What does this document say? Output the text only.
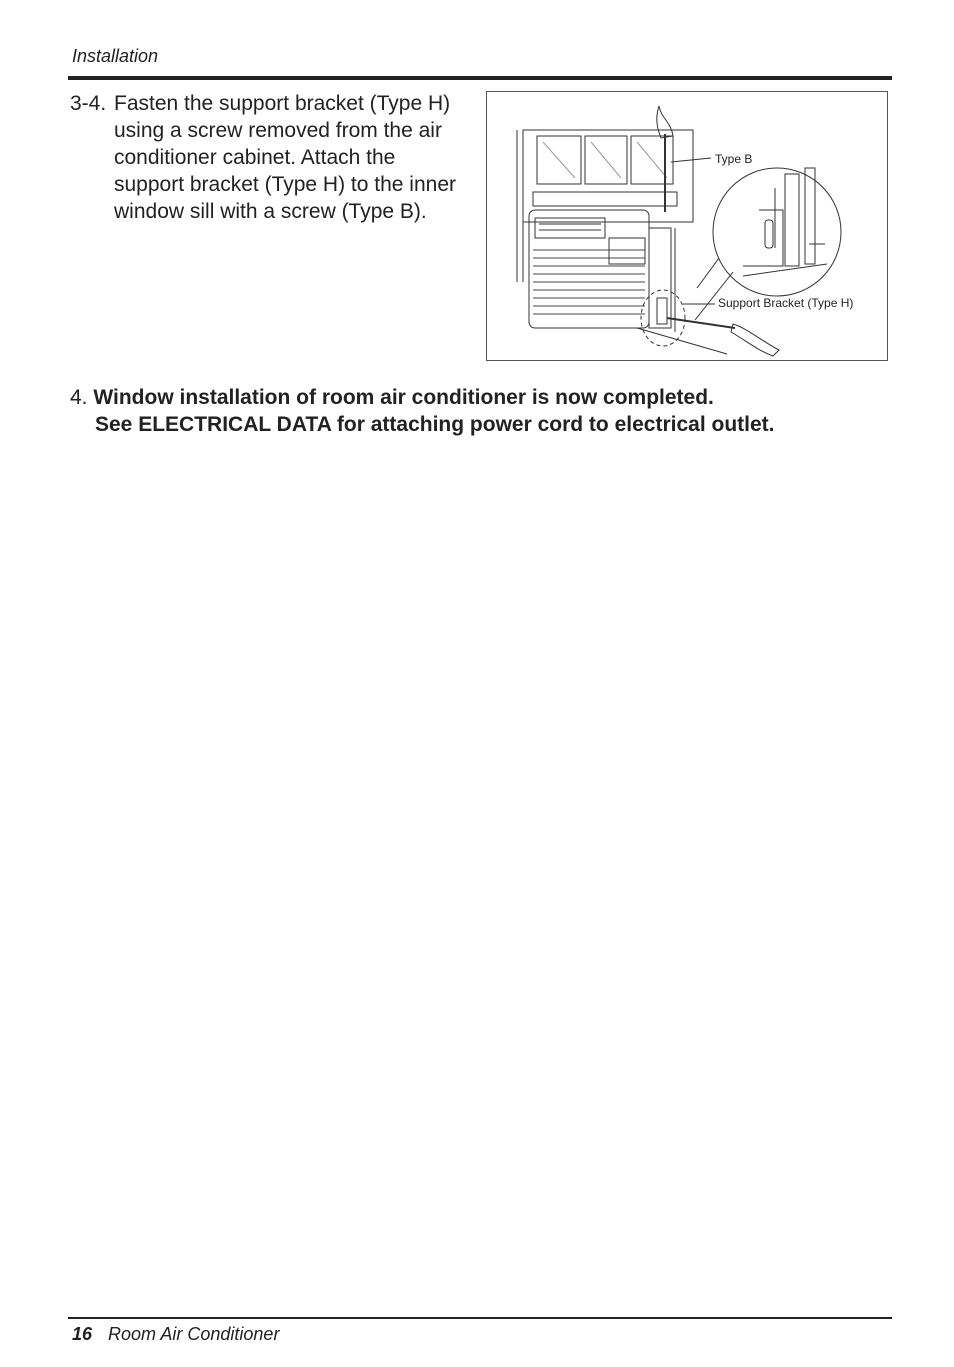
Installation
3-4. Fasten the support bracket (Type H)
using a screw removed from the air
conditioner cabinet. Attach the
support bracket (Type H) to the inner
window sill with a screw (Type B).
Type B
Support Bracket (Type H)
4. Window installation of room air conditioner is now completed.
See ELECTRICAL DATA for attaching power cord to electrical outlet.
16 Room Air Conditioner
